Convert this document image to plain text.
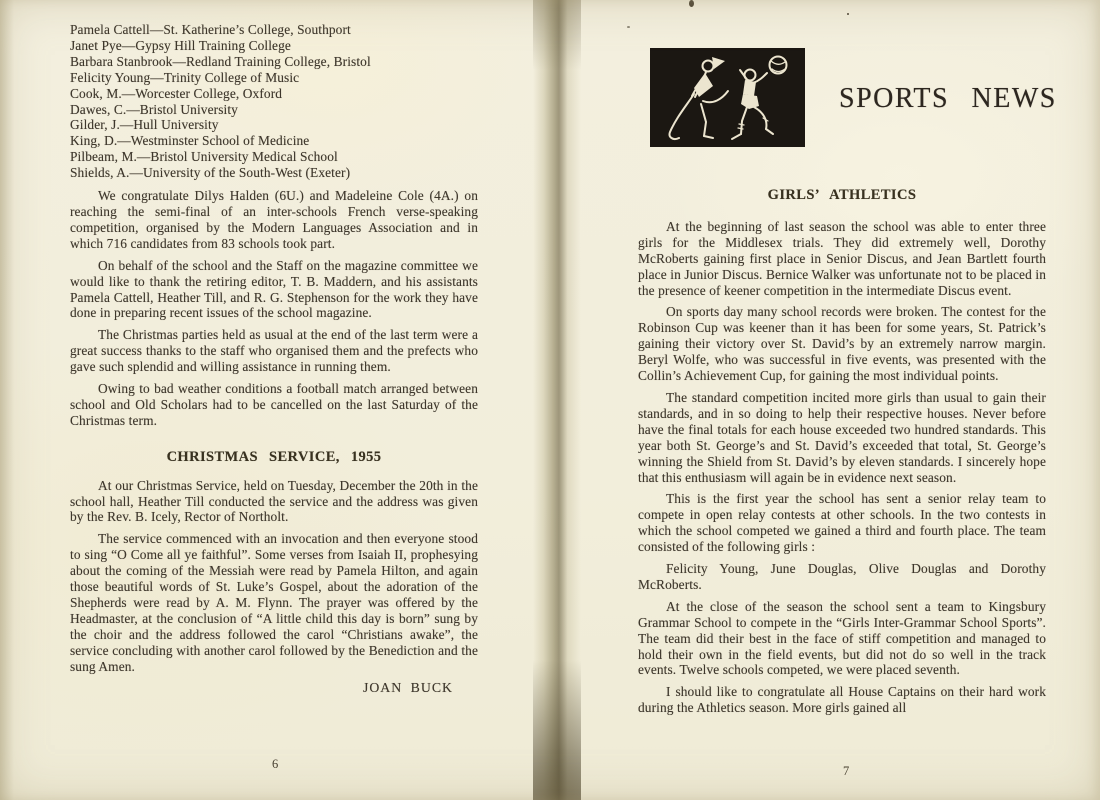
Pamela Cattell—St. Katherine’s College, Southport
Janet Pye—Gypsy Hill Training College
Barbara Stanbrook—Redland Training College, Bristol
Felicity Young—Trinity College of Music
Cook, M.—Worcester College, Oxford
Dawes, C.—Bristol University
Gilder, J.—Hull University
King, D.—Westminster School of Medicine
Pilbeam, M.—Bristol University Medical School
Shields, A.—University of the South-West (Exeter)

We congratulate Dilys Halden (6U.) and Madeleine Cole (4A.) on reaching the semi-final of an inter-schools French verse-speaking competition, organised by the Modern Languages Association and in which 716 candidates from 83 schools took part.

On behalf of the school and the Staff on the magazine committee we would like to thank the retiring editor, T. B. Maddern, and his assistants Pamela Cattell, Heather Till, and R. G. Stephenson for the work they have done in preparing recent issues of the school magazine.

The Christmas parties held as usual at the end of the last term were a great success thanks to the staff who organised them and the prefects who gave such splendid and willing assistance in running them.

Owing to bad weather conditions a football match arranged between school and Old Scholars had to be cancelled on the last Saturday of the Christmas term.

CHRISTMAS SERVICE, 1955

At our Christmas Service, held on Tuesday, December the 20th in the school hall, Heather Till conducted the service and the address was given by the Rev. B. Icely, Rector of Northolt.

The service commenced with an invocation and then everyone stood to sing “O Come all ye faithful”. Some verses from Isaiah II, prophesying about the coming of the Messiah were read by Pamela Hilton, and again those beautiful words of St. Luke’s Gospel, about the adoration of the Shepherds were read by A. M. Flynn. The prayer was offered by the Headmaster, at the conclusion of “A little child this day is born” sung by the choir and the address followed the carol “Christians awake”, the service concluding with another carol followed by the Benediction and the sung Amen.

JOAN BUCK
6
SPORTS NEWS
GIRLS’ ATHLETICS

At the beginning of last season the school was able to enter three girls for the Middlesex trials. They did extremely well, Dorothy McRoberts gaining first place in Senior Discus, and Jean Bartlett fourth place in Junior Discus. Bernice Walker was unfortunate not to be placed in the presence of keener competition in the intermediate Discus event.

On sports day many school records were broken. The contest for the Robinson Cup was keener than it has been for some years, St. Patrick’s gaining their victory over St. David’s by an extremely narrow margin. Beryl Wolfe, who was successful in five events, was presented with the Collin’s Achievement Cup, for gaining the most individual points.

The standard competition incited more girls than usual to gain their standards, and in so doing to help their respective houses. Never before have the final totals for each house exceeded two hundred standards. This year both St. George’s and St. David’s exceeded that total, St. George’s winning the Shield from St. David’s by eleven standards. I sincerely hope that this enthusiasm will again be in evidence next season.

This is the first year the school has sent a senior relay team to compete in open relay contests at other schools. In the two contests in which the school competed we gained a third and fourth place. The team consisted of the following girls :

Felicity Young, June Douglas, Olive Douglas and Dorothy McRoberts.

At the close of the season the school sent a team to Kingsbury Grammar School to compete in the “Girls Inter-Grammar School Sports”. The team did their best in the face of stiff competition and managed to hold their own in the field events, but did not do so well in the track events. Twelve schools competed, we were placed seventh.

I should like to congratulate all House Captains on their hard work during the Athletics season. More girls gained all

7
